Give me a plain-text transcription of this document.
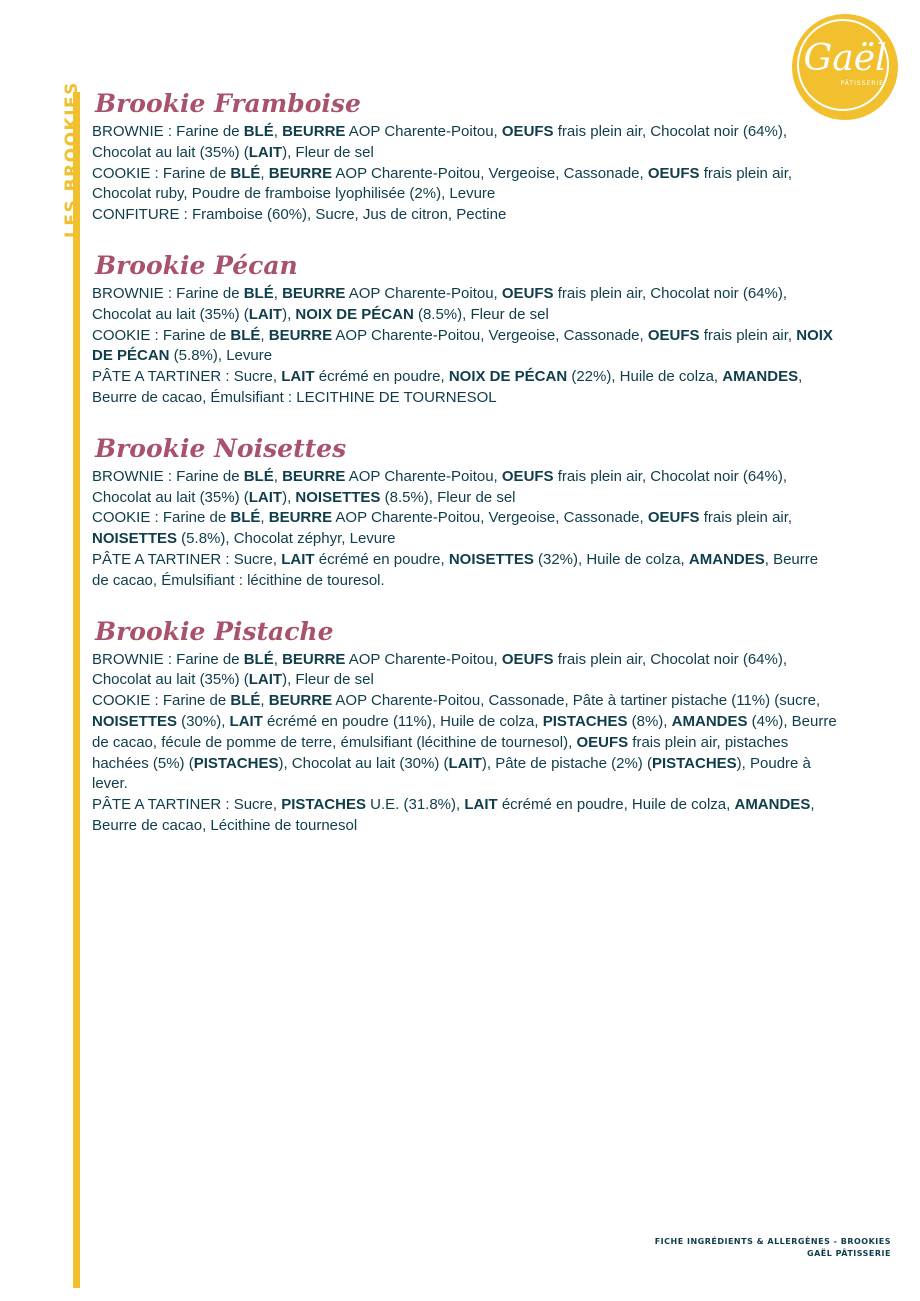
LES BROOKIES
Gaël
PÂTISSERIE
Brookie Framboise

BROWNIE : Farine de BLÉ, BEURRE AOP Charente-Poitou, OEUFS frais plein air, Chocolat noir (64%), Chocolat au lait (35%) (LAIT), Fleur de sel

COOKIE : Farine de BLÉ, BEURRE AOP Charente-Poitou, Vergeoise, Cassonade, OEUFS frais plein air, Chocolat ruby, Poudre de framboise lyophilisée (2%), Levure

CONFITURE : Framboise (60%), Sucre, Jus de citron, Pectine

Brookie Pécan

BROWNIE : Farine de BLÉ, BEURRE AOP Charente-Poitou, OEUFS frais plein air, Chocolat noir (64%), Chocolat au lait (35%) (LAIT), NOIX DE PÉCAN (8.5%), Fleur de sel

COOKIE : Farine de BLÉ, BEURRE AOP Charente-Poitou, Vergeoise, Cassonade, OEUFS frais plein air, NOIX DE PÉCAN (5.8%), Levure

PÂTE A TARTINER : Sucre, LAIT écrémé en poudre, NOIX DE PÉCAN (22%), Huile de colza, AMANDES, Beurre de cacao, Émulsifiant : LECITHINE DE TOURNESOL

Brookie Noisettes

BROWNIE : Farine de BLÉ, BEURRE AOP Charente-Poitou, OEUFS frais plein air, Chocolat noir (64%), Chocolat au lait (35%) (LAIT), NOISETTES (8.5%), Fleur de sel

COOKIE : Farine de BLÉ, BEURRE AOP Charente-Poitou, Vergeoise, Cassonade, OEUFS frais plein air, NOISETTES (5.8%), Chocolat zéphyr, Levure

PÂTE A TARTINER : Sucre, LAIT écrémé en poudre, NOISETTES (32%), Huile de colza, AMANDES, Beurre de cacao, Émulsifiant : lécithine de touresol.

Brookie Pistache

BROWNIE : Farine de BLÉ, BEURRE AOP Charente-Poitou, OEUFS frais plein air, Chocolat noir (64%), Chocolat au lait (35%) (LAIT), Fleur de sel

COOKIE : Farine de BLÉ, BEURRE AOP Charente-Poitou, Cassonade, Pâte à tartiner pistache (11%) (sucre, NOISETTES (30%), LAIT écrémé en poudre (11%), Huile de colza, PISTACHES (8%), AMANDES (4%), Beurre de cacao, fécule de pomme de terre, émulsifiant (lécithine de tournesol), OEUFS frais plein air, pistaches hachées (5%) (PISTACHES), Chocolat au lait (30%) (LAIT), Pâte de pistache (2%) (PISTACHES), Poudre à lever.

PÂTE A TARTINER : Sucre, PISTACHES U.E. (31.8%), LAIT écrémé en poudre, Huile de colza, AMANDES, Beurre de cacao, Lécithine de tournesol

FICHE INGRÉDIENTS & ALLERGÈNES - BROOKIES
GAËL PÂTISSERIE
